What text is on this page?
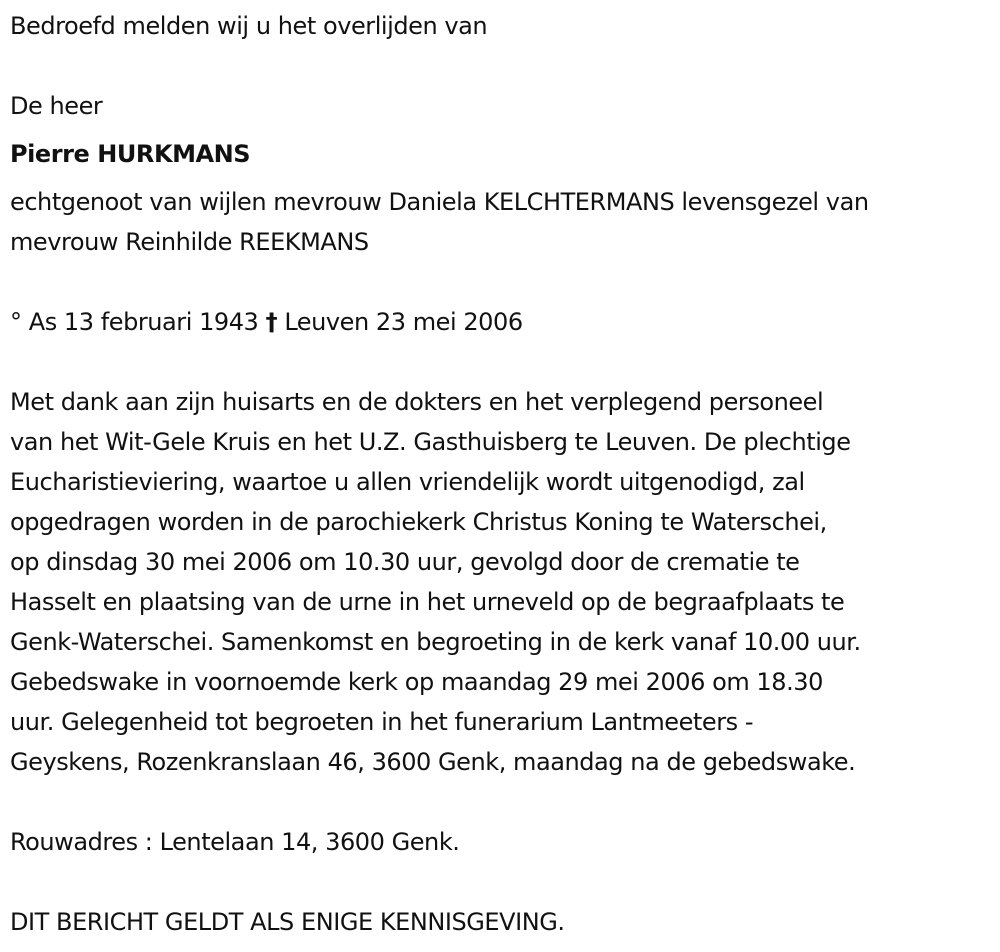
Bedroefd melden wij u het overlijden van
De heer
Pierre HURKMANS
echtgenoot van wijlen mevrouw Daniela KELCHTERMANS levensgezel van
mevrouw Reinhilde REEKMANS
° As 13 februari 1943 † Leuven 23 mei 2006
Met dank aan zijn huisarts en de dokters en het verplegend personeel
van het Wit-Gele Kruis en het U.Z. Gasthuisberg te Leuven. De plechtige
Eucharistieviering, waartoe u allen vriendelijk wordt uitgenodigd, zal
opgedragen worden in de parochiekerk Christus Koning te Waterschei,
op dinsdag 30 mei 2006 om 10.30 uur, gevolgd door de crematie te
Hasselt en plaatsing van de urne in het urneveld op de begraafplaats te
Genk-Waterschei. Samenkomst en begroeting in de kerk vanaf 10.00 uur.
Gebedswake in voornoemde kerk op maandag 29 mei 2006 om 18.30
uur. Gelegenheid tot begroeten in het funerarium Lantmeeters -
Geyskens, Rozenkranslaan 46, 3600 Genk, maandag na de gebedswake.
Rouwadres : Lentelaan 14, 3600 Genk.
DIT BERICHT GELDT ALS ENIGE KENNISGEVING.
